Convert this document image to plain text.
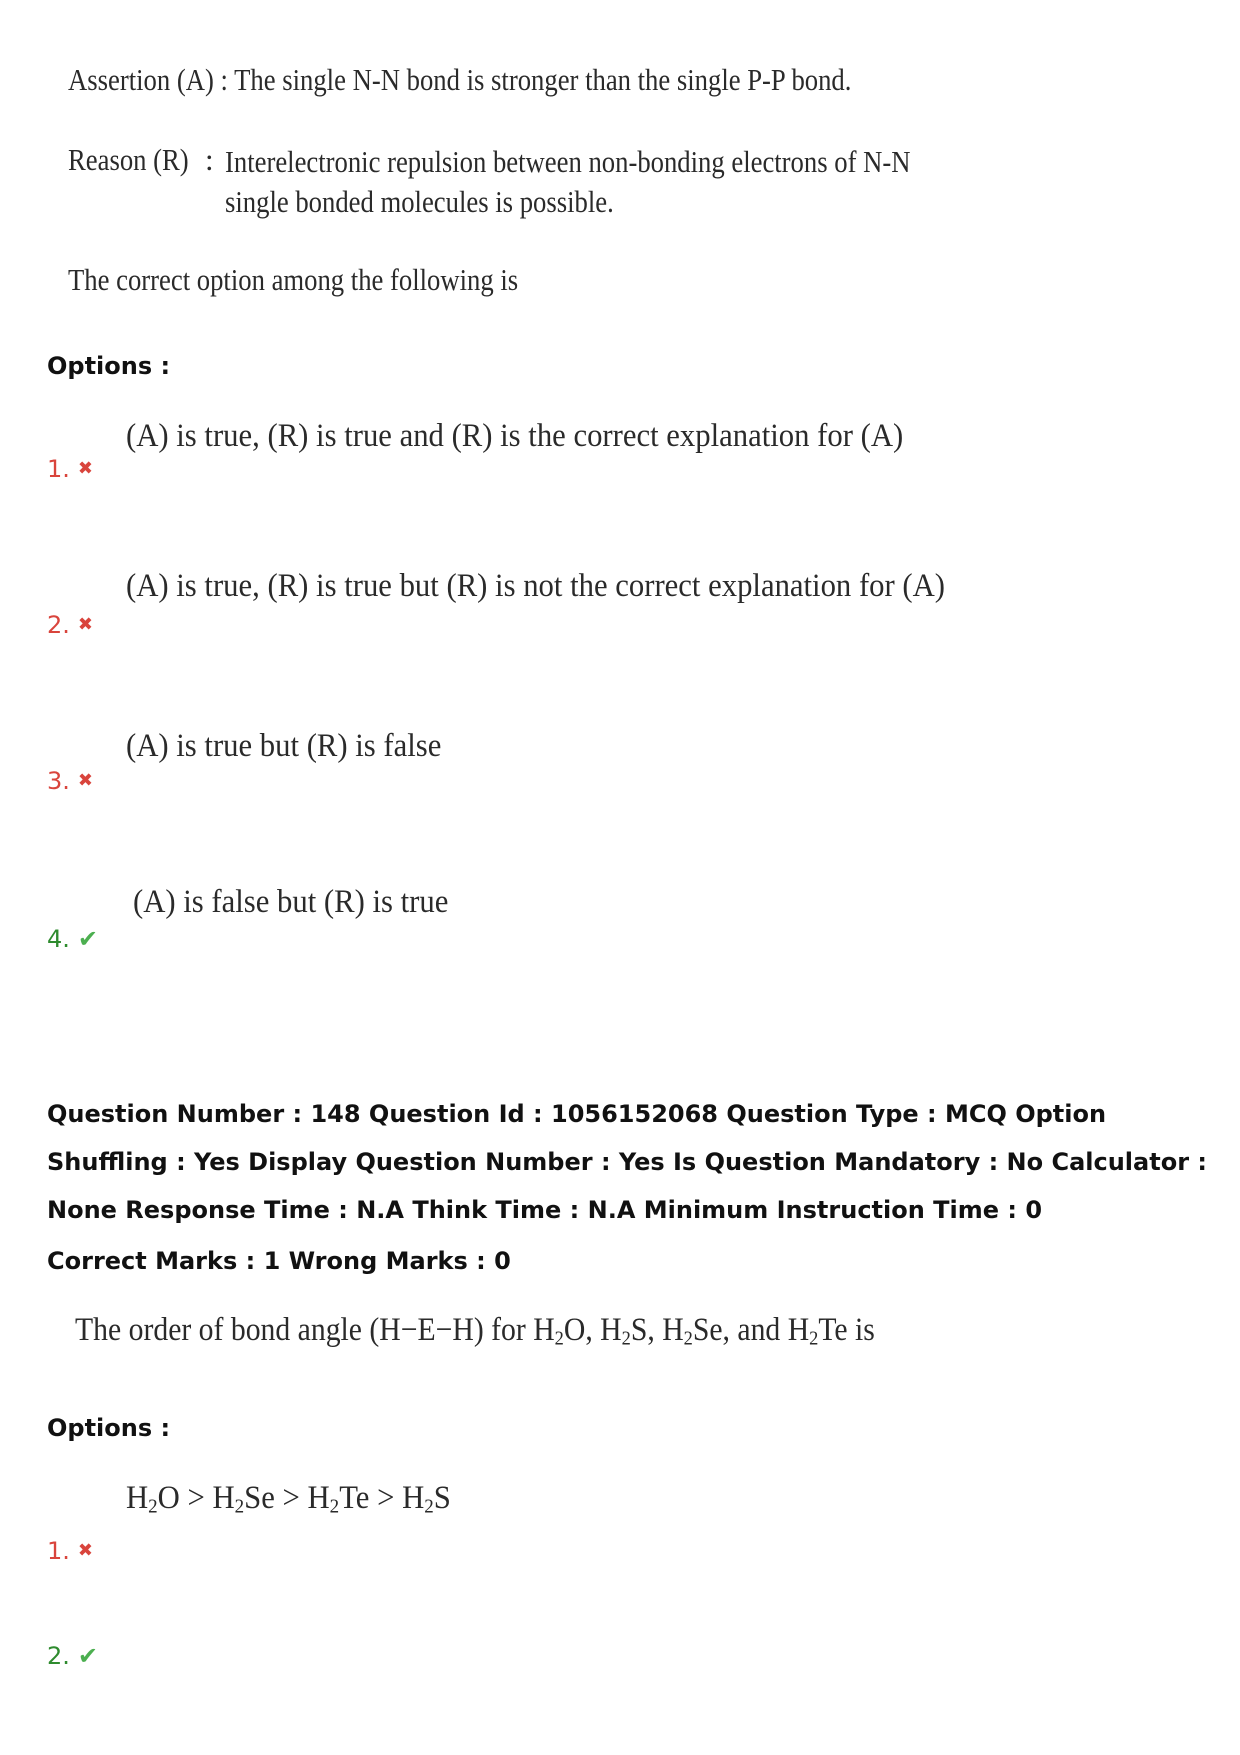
Assertion (A) : The single N-N bond is stronger than the single P-P bond.
Reason (R) : Interelectronic repulsion between non-bonding electrons of N-N single bonded molecules is possible.
The correct option among the following is
Options :
(A) is true, (R) is true and (R) is the correct explanation for (A)
1. ✖
(A) is true, (R) is true but (R) is not the correct explanation for (A)
2. ✖
(A) is true but (R) is false
3. ✖
(A) is false but (R) is true
4. ✔
Question Number : 148 Question Id : 1056152068 Question Type : MCQ Option Shuffling : Yes Display Question Number : Yes Is Question Mandatory : No Calculator : None Response Time : N.A Think Time : N.A Minimum Instruction Time : 0
Correct Marks : 1 Wrong Marks : 0
The order of bond angle (H−E−H) for $H_2O$, $H_2S$, $H_2Se$, and $H_2Te$ is
Options :
$H_2O > H_2Se > H_2Te > H_2S$
1. ✖
2. ✔
